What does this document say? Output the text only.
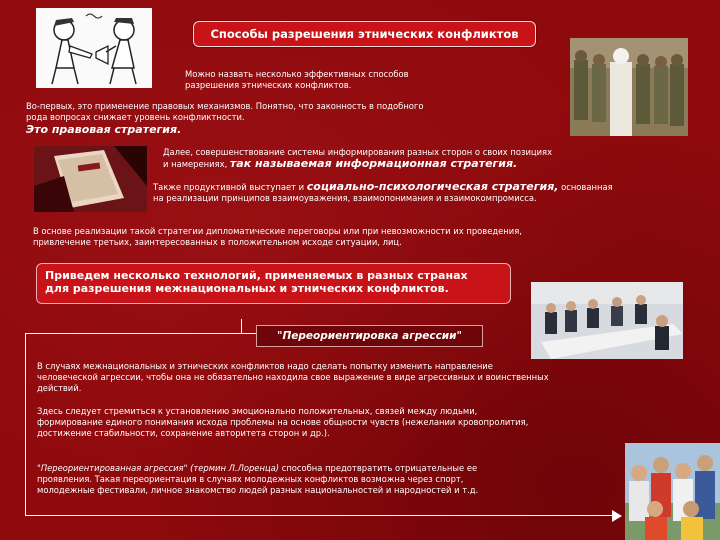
Способы разрешения этнических конфликтов
Можно назвать несколько эффективных способов
разрешения этнических конфликтов.
Во-первых, это применение правовых механизмов. Понятно, что законность в подобного
рода вопросах снижает уровень конфликтности.
Это правовая стратегия.
Далее, совершенствование системы информирования разных сторон о своих позициях
и намерениях, так называемая информационная стратегия.
Также продуктивной выступает и социально-психологическая стратегия, основанная
на реализации принципов взаимоуважения, взаимопонимания и взаимокомпромисса.
В основе реализации такой стратегии дипломатические переговоры или при невозможности их проведения,
привлечение третьих, заинтересованных в положительном исходе ситуации, лиц.
Приведем несколько технологий, применяемых в разных странах
для разрешения межнациональных и этнических конфликтов.
"Переориентировка агрессии"
В случаях межнациональных и этнических конфликтов надо сделать попытку изменить направление
человеческой агрессии, чтобы она не обязательно находила свое выражение в виде агрессивных и воинственных
действий.
Здесь следует стремиться к установлению эмоционально положительных, связей между людьми,
формирование единого понимания исхода проблемы на основе общности чувств (нежелании кровопролития,
достижение стабильности, сохранение авторитета сторон и др.).
"Переориентированная агрессия" (термин Л.Лоренца) способна предотвратить отрицательные ее
проявления. Такая переориентация в случаях молодежных конфликтов возможна через спорт,
молодежные фестивали, личное знакомство людей разных национальностей и народностей и т.д.
